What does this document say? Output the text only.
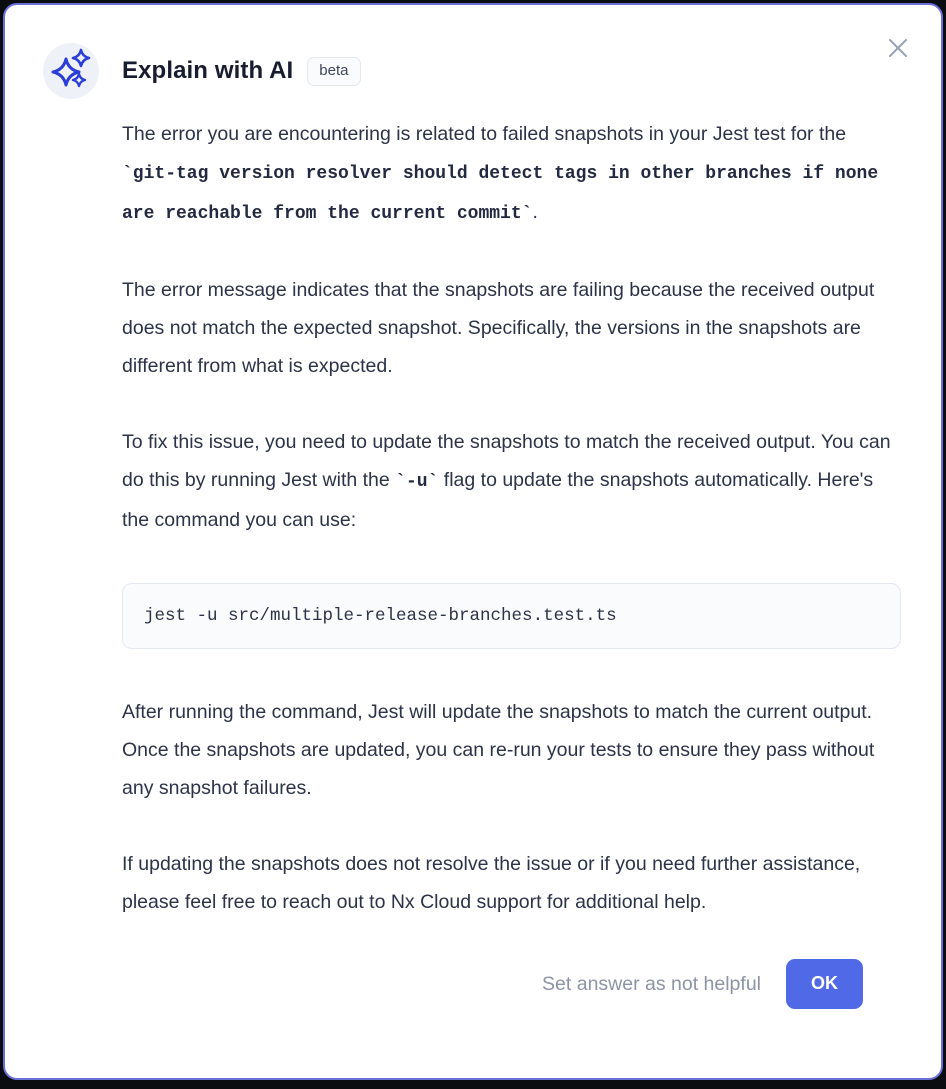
Explain with AI	beta

The error you are encountering is related to failed snapshots in your Jest test for the `git-tag version resolver should detect tags in other branches if none are reachable from the current commit`.

The error message indicates that the snapshots are failing because the received output does not match the expected snapshot. Specifically, the versions in the snapshots are different from what is expected.

To fix this issue, you need to update the snapshots to match the received output. You can do this by running Jest with the `-u` flag to update the snapshots automatically. Here's the command you can use:

jest -u src/multiple-release-branches.test.ts

After running the command, Jest will update the snapshots to match the current output. Once the snapshots are updated, you can re-run your tests to ensure they pass without any snapshot failures.

If updating the snapshots does not resolve the issue or if you need further assistance, please feel free to reach out to Nx Cloud support for additional help.

Set answer as not helpful	OK
